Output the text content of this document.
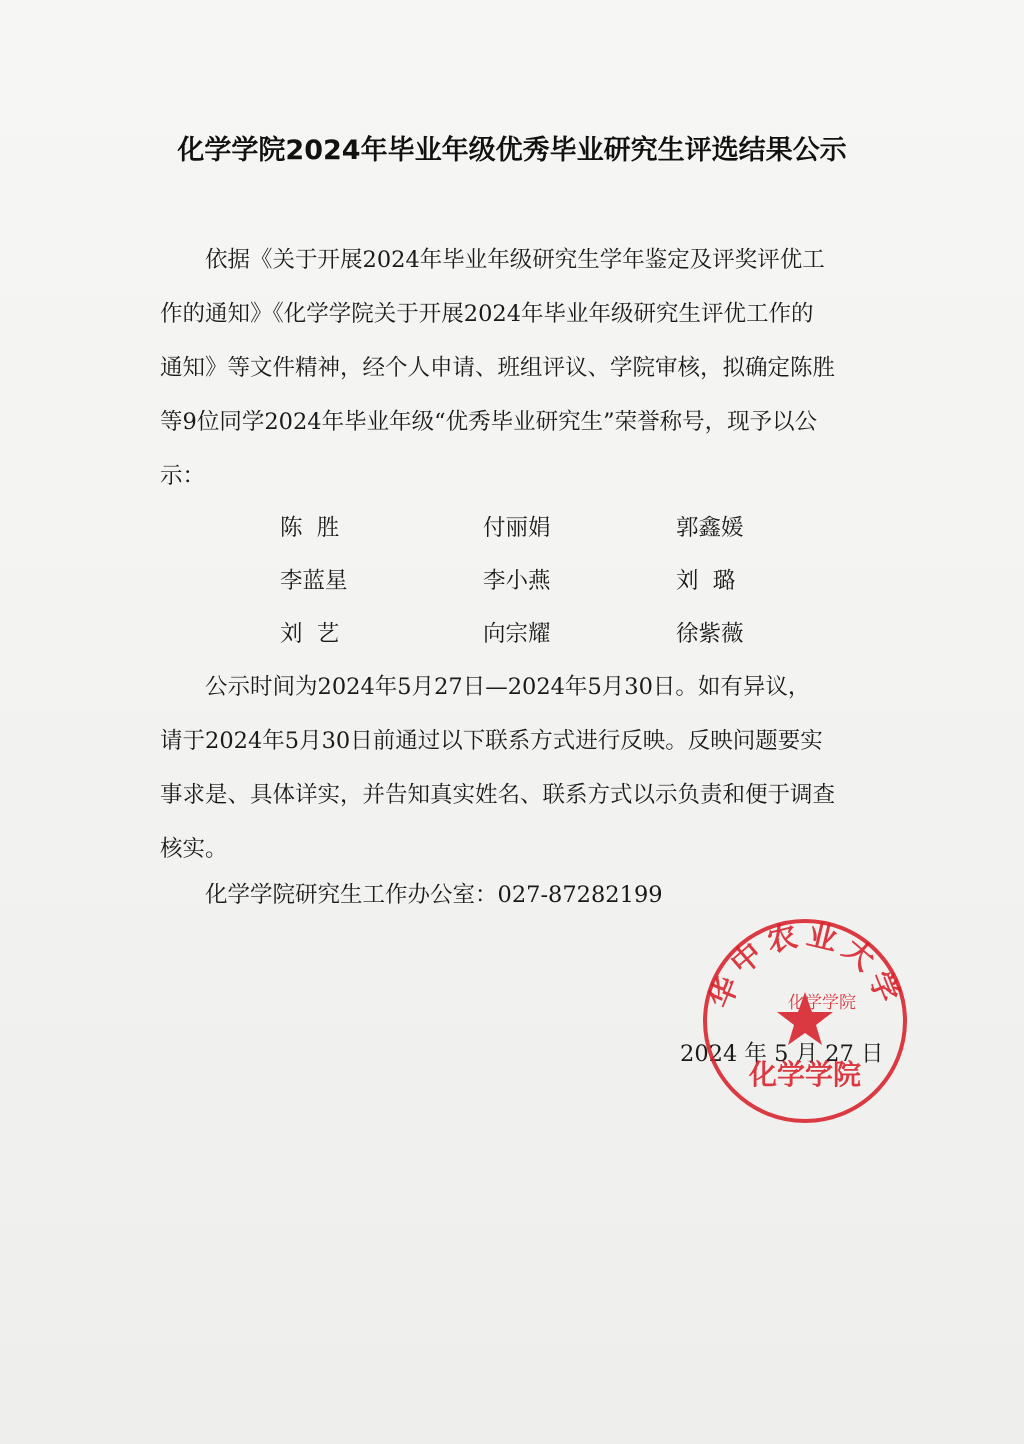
化学学院2024年毕业年级优秀毕业研究生评选结果公示
依据《关于开展2024年毕业年级研究生学年鉴定及评奖评优工
作的通知》《化学学院关于开展2024年毕业年级研究生评优工作的
通知》等文件精神，经个人申请、班组评议、学院审核，拟确定陈胜
等9位同学2024年毕业年级“优秀毕业研究生”荣誉称号，现予以公
示：
陈  胜	付丽娟	郭鑫媛
李蓝星	李小燕	刘  璐
刘  艺	向宗耀	徐紫薇
公示时间为2024年5月27日—2024年5月30日。如有异议，
请于2024年5月30日前通过以下联系方式进行反映。反映问题要实
事求是、具体详实，并告知真实姓名、联系方式以示负责和便于调查
核实。
化学学院研究生工作办公室：027-87282199
2024 年 5 月 27 日
华中农业大学
化学学院
化学学院
